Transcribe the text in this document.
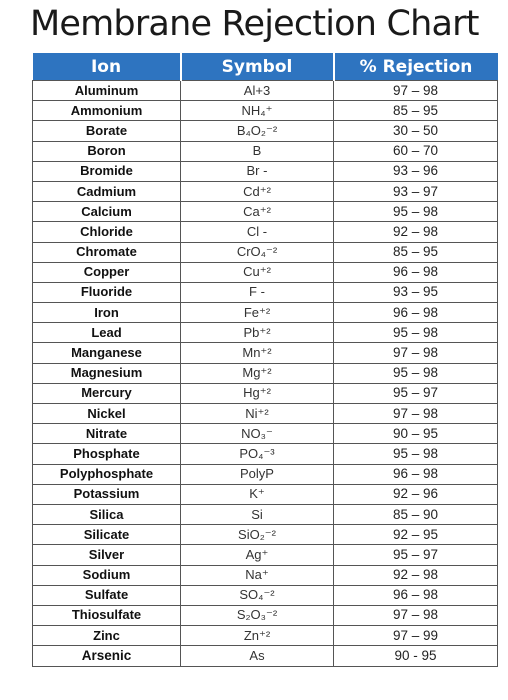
Membrane Rejection Chart
Ion	Symbol	% Rejection
Aluminum	Al+3	97 – 98
Ammonium	NH₄⁺	85 – 95
Borate	B₄O₂⁻²	30 – 50
Boron	B	60 – 70
Bromide	Br -	93 – 96
Cadmium	Cd⁺²	93 – 97
Calcium	Ca⁺²	95 – 98
Chloride	Cl -	92 – 98
Chromate	CrO₄⁻²	85 – 95
Copper	Cu⁺²	96 – 98
Fluoride	F -	93 – 95
Iron	Fe⁺²	96 – 98
Lead	Pb⁺²	95 – 98
Manganese	Mn⁺²	97 – 98
Magnesium	Mg⁺²	95 – 98
Mercury	Hg⁺²	95 – 97
Nickel	Ni⁺²	97 – 98
Nitrate	NO₃⁻	90 – 95
Phosphate	PO₄⁻³	95 – 98
Polyphosphate	PolyP	96 – 98
Potassium	K⁺	92 – 96
Silica	Si	85 – 90
Silicate	SiO₂⁻²	92 – 95
Silver	Ag⁺	95 – 97
Sodium	Na⁺	92 – 98
Sulfate	SO₄⁻²	96 – 98
Thiosulfate	S₂O₃⁻²	97 – 98
Zinc	Zn⁺²	97 – 99
Arsenic	As	90 - 95
